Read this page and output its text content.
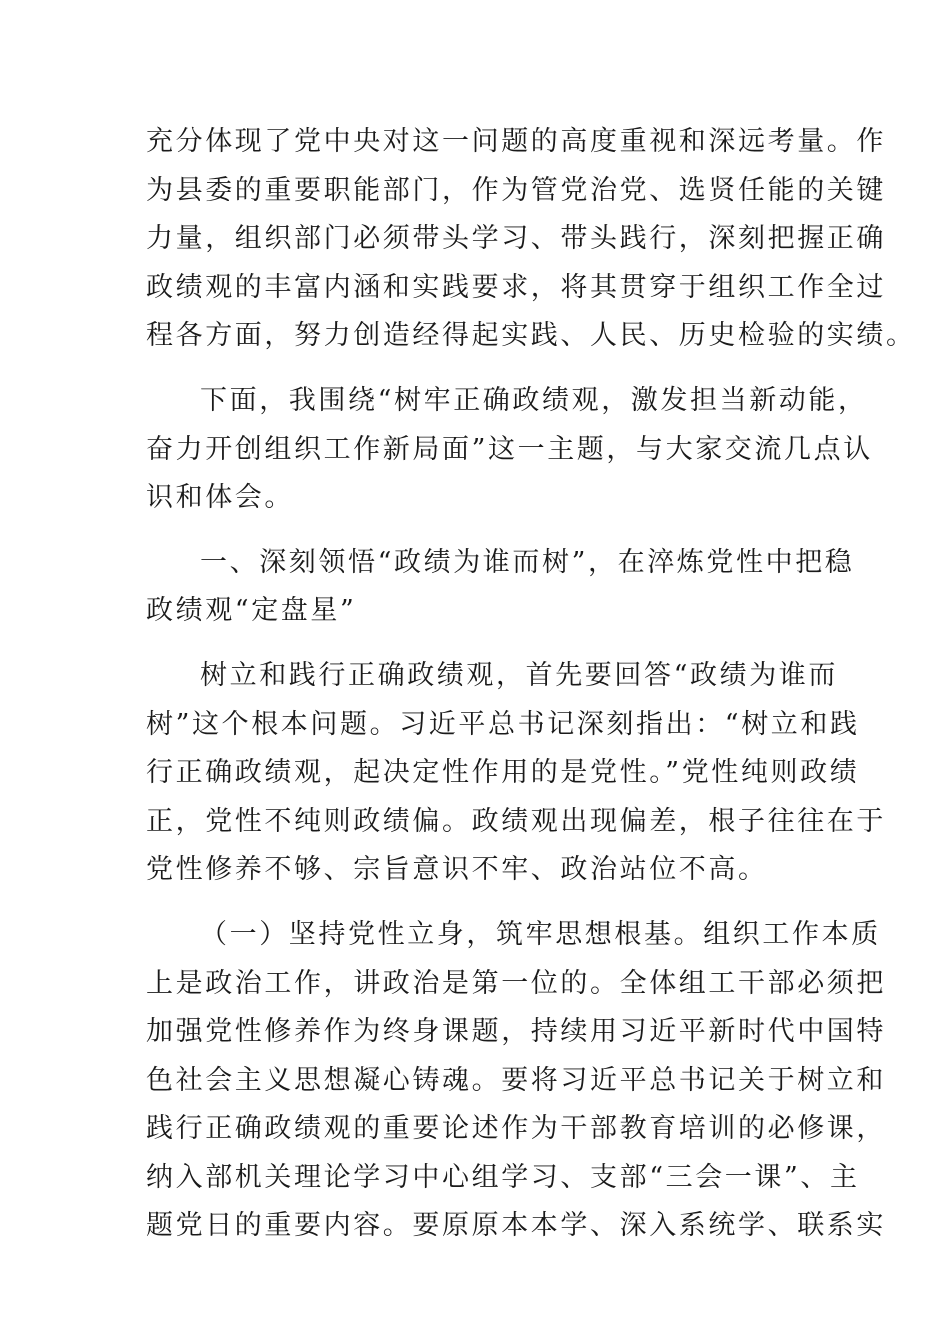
充分体现了党中央对这一问题的高度重视和深远考量。作
为县委的重要职能部门，作为管党治党、选贤任能的关键
力量，组织部门必须带头学习、带头践行，深刻把握正确
政绩观的丰富内涵和实践要求，将其贯穿于组织工作全过
程各方面，努力创造经得起实践、人民、历史检验的实绩。
下面，我围绕“树牢正确政绩观，激发担当新动能，
奋力开创组织工作新局面”这一主题，与大家交流几点认
识和体会。
一、深刻领悟“政绩为谁而树”，在淬炼党性中把稳
政绩观“定盘星”
树立和践行正确政绩观，首先要回答“政绩为谁而
树”这个根本问题。习近平总书记深刻指出：“树立和践
行正确政绩观，起决定性作用的是党性。”党性纯则政绩
正，党性不纯则政绩偏。政绩观出现偏差，根子往往在于
党性修养不够、宗旨意识不牢、政治站位不高。
（一）坚持党性立身，筑牢思想根基。组织工作本质
上是政治工作，讲政治是第一位的。全体组工干部必须把
加强党性修养作为终身课题，持续用习近平新时代中国特
色社会主义思想凝心铸魂。要将习近平总书记关于树立和
践行正确政绩观的重要论述作为干部教育培训的必修课，
纳入部机关理论学习中心组学习、支部“三会一课”、主
题党日的重要内容。要原原本本学、深入系统学、联系实
